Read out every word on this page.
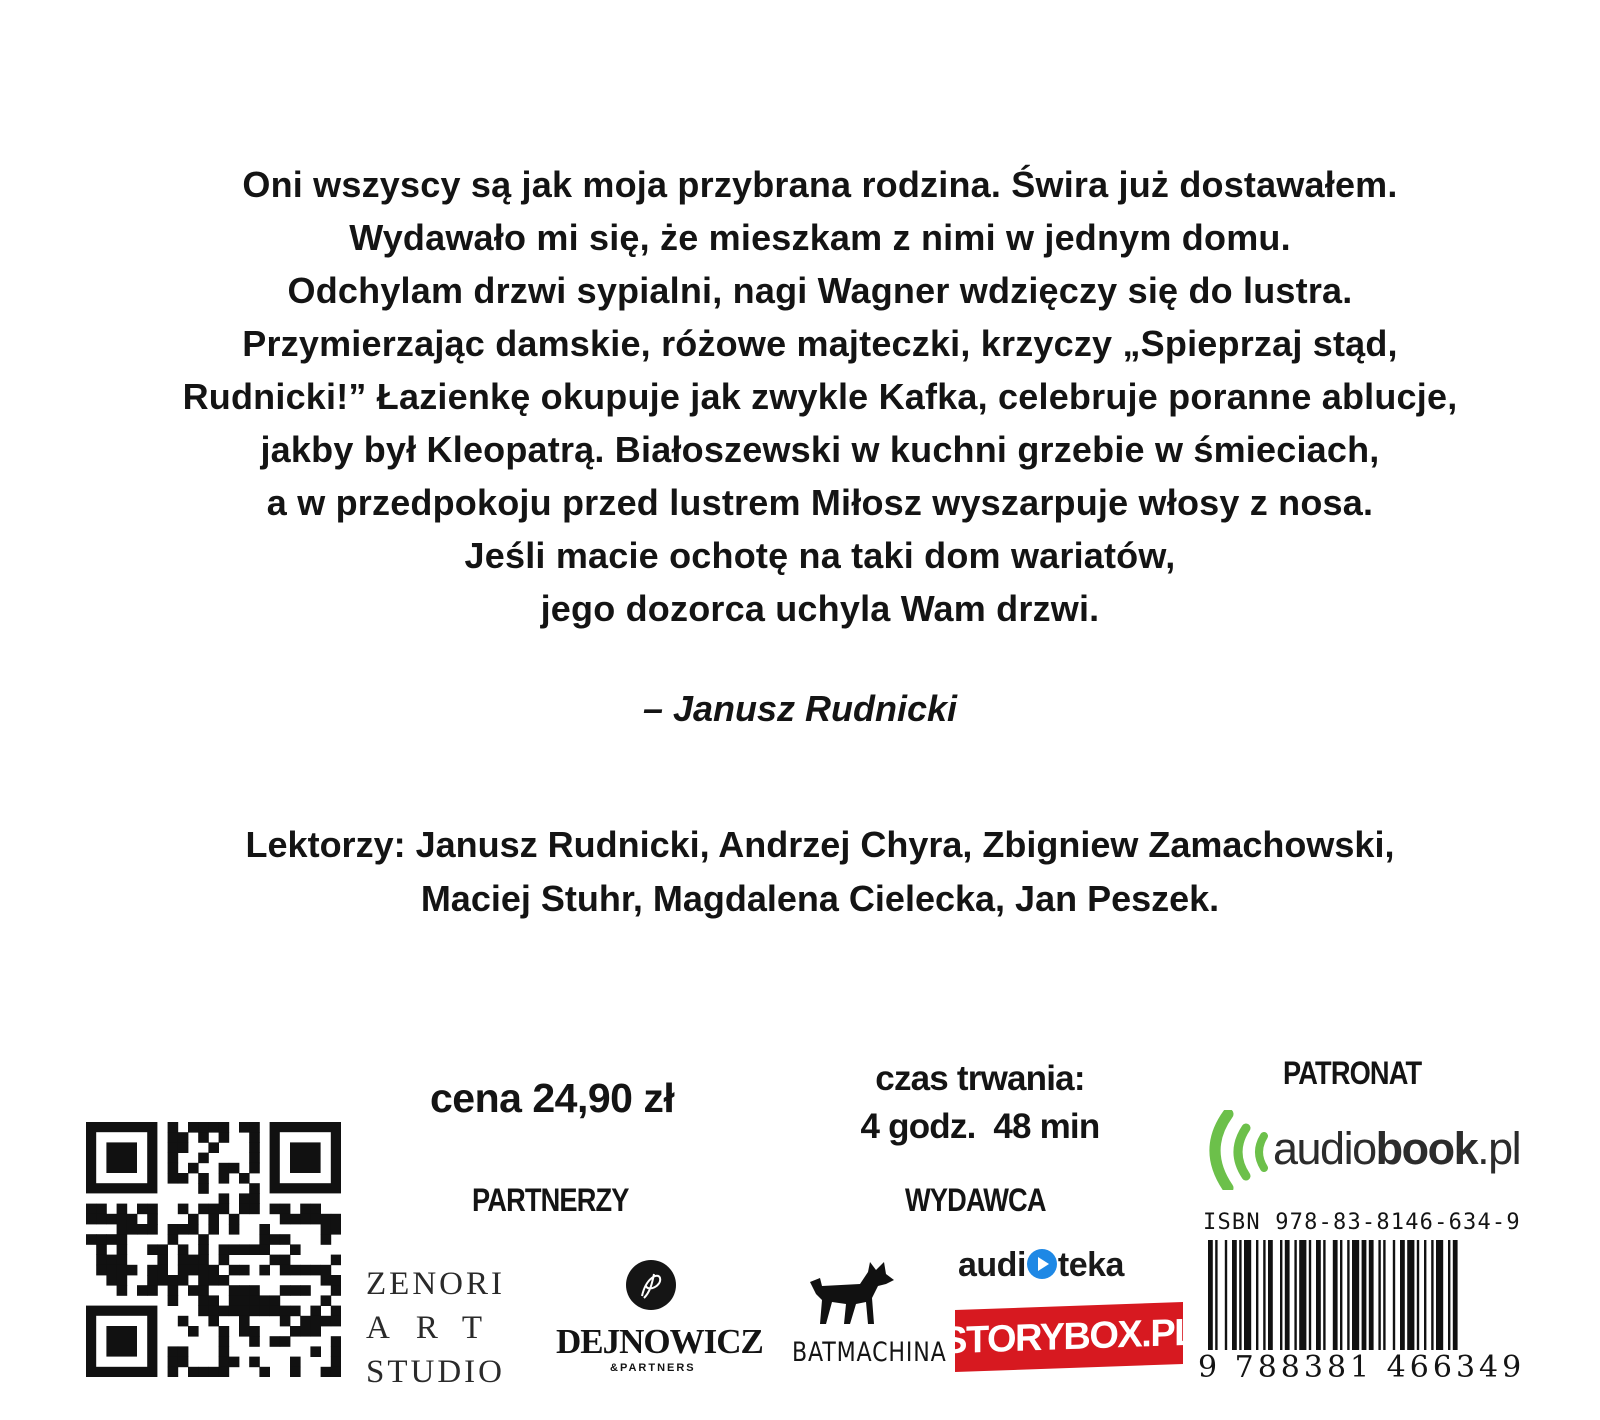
Oni wszyscy są jak moja przybrana rodzina. Świra już dostawałem.
Wydawało mi się, że mieszkam z nimi w jednym domu.
Odchylam drzwi sypialni, nagi Wagner wdzięczy się do lustra.
Przymierzając damskie, różowe majteczki, krzyczy „Spieprzaj stąd,
Rudnicki!” Łazienkę okupuje jak zwykle Kafka, celebruje poranne ablucje,
jakby był Kleopatrą. Białoszewski w kuchni grzebie w śmieciach,
a w przedpokoju przed lustrem Miłosz wyszarpuje włosy z nosa.
Jeśli macie ochotę na taki dom wariatów,
jego dozorca uchyla Wam drzwi.
– Janusz Rudnicki
Lektorzy: Janusz Rudnicki, Andrzej Chyra, Zbigniew Zamachowski,
Maciej Stuhr, Magdalena Cielecka, Jan Peszek.
cena 24,90 zł	czas trwania:
4 godz.  48 min
PATRONAT
PARTNERZY	WYDAWCA
audiobook.pl
ISBN 978-83-8146-634-9
9 788381 466349
ZENORI
ART
STUDIO
DEJNOWICZ
&PARTNERS	BATMACHINA
audi teka
STORYBOX.PL
